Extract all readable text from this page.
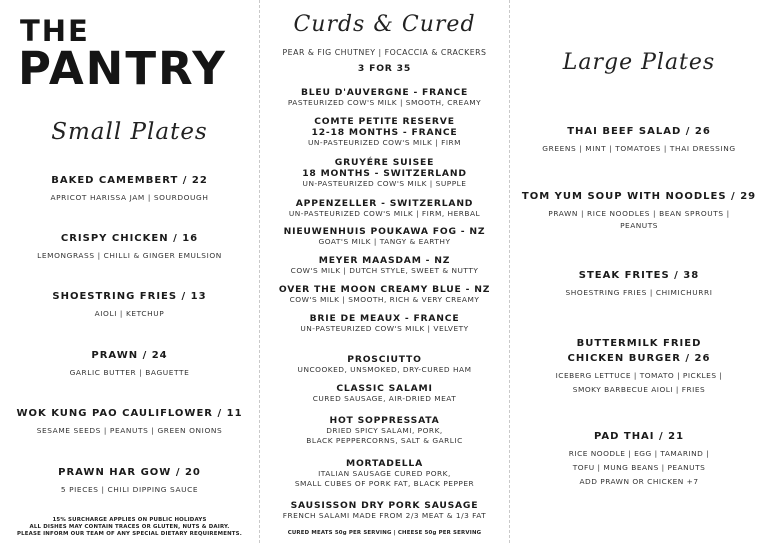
THE
PANTRY
Small Plates
BAKED CAMEMBERT / 22
APRICOT HARISSA JAM | SOURDOUGH
CRISPY CHICKEN / 16
LEMONGRASS | CHILLI & GINGER EMULSION
SHOESTRING FRIES / 13
AIOLI | KETCHUP
PRAWN / 24
GARLIC BUTTER | BAGUETTE
WOK KUNG PAO CAULIFLOWER / 11
SESAME SEEDS | PEANUTS | GREEN ONIONS
PRAWN HAR GOW / 20
5 PIECES | CHILI DIPPING SAUCE
15% SURCHARGE APPLIES ON PUBLIC HOLIDAYS
ALL DISHES MAY CONTAIN TRACES OR GLUTEN, NUTS & DAIRY.
PLEASE INFORM OUR TEAM OF ANY SPECIAL DIETARY REQUIREMENTS.
Curds & Cured
PEAR & FIG CHUTNEY | FOCACCIA & CRACKERS
3 FOR 35
BLEU D'AUVERGNE - FRANCE
PASTEURIZED COW'S MILK | SMOOTH, CREAMY
COMTE PETITE RESERVE
12-18 MONTHS - FRANCE
UN-PASTEURIZED COW'S MILK | FIRM
GRUYÉRE SUISEE
18 MONTHS - SWITZERLAND
UN-PASTEURIZED COW'S MILK | SUPPLE
APPENZELLER - SWITZERLAND
UN-PASTEURIZED COW'S MILK | FIRM, HERBAL
NIEUWENHUIS POUKAWA FOG - NZ
GOAT'S MILK | TANGY & EARTHY
MEYER MAASDAM - NZ
COW'S MILK | DUTCH STYLE, SWEET & NUTTY
OVER THE MOON CREAMY BLUE - NZ
COW'S MILK | SMOOTH, RICH & VERY CREAMY
BRIE DE MEAUX - FRANCE
UN-PASTEURIZED COW'S MILK | VELVETY
PROSCIUTTO
UNCOOKED, UNSMOKED, DRY-CURED HAM
CLASSIC SALAMI
CURED SAUSAGE, AIR-DRIED MEAT
HOT SOPPRESSATA
DRIED SPICY SALAMI, PORK,
BLACK PEPPERCORNS, SALT & GARLIC
MORTADELLA
ITALIAN SAUSAGE CURED PORK,
SMALL CUBES OF PORK FAT, BLACK PEPPER
SAUSISSON DRY PORK SAUSAGE
FRENCH SALAMI MADE FROM 2/3 MEAT & 1/3 FAT
CURED MEATS 50g PER SERVING | CHEESE 50g PER SERVING
Large Plates
THAI BEEF SALAD / 26
GREENS | MINT | TOMATOES | THAI DRESSING
TOM YUM SOUP WITH NOODLES / 29
PRAWN | RICE NOODLES | BEAN SPROUTS |
PEANUTS
STEAK FRITES / 38
SHOESTRING FRIES | CHIMICHURRI
BUTTERMILK FRIED
CHICKEN BURGER / 26
ICEBERG LETTUCE | TOMATO | PICKLES |
SMOKY BARBECUE AIOLI | FRIES
PAD THAI / 21
RICE NOODLE | EGG | TAMARIND |
TOFU | MUNG BEANS | PEANUTS
ADD PRAWN OR CHICKEN +7
